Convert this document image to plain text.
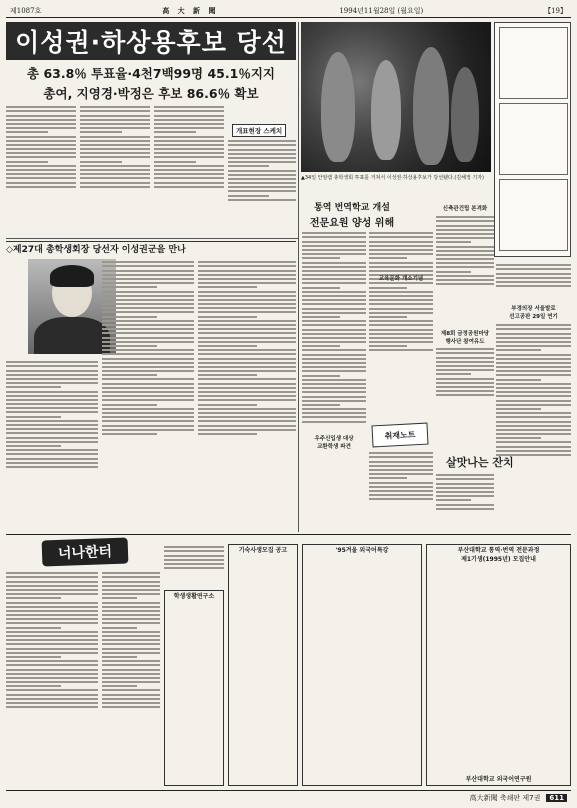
제1087호	高 大 新 聞	1994년11월28일 (월요일)	【19】
이성권·하상용후보 당선
총 63.8％ 투표율·4천7백99명 45.1％지지
총여, 지영경·박정은 후보 86.6％ 확보
개표현장 스케치
▲34일 안암캠 총학생회 투표를 거쳐서 이성권·하상용후보가 당선됐다.(김해정 기자)
◇제27대 총학생회장 당선자 이성권군을 만나
통역 번역학교 개설
전문요원 양성 위해
신축관건립 본격화
교육문화 개소기념
제8회 금정공원마당
행사단 참여유도
우주신입생 대상
교환학생 파견
부경의장 서울발로
선고공판 29일 연기
취재노트
살맛나는 잔치
너나한터	기숙사생모집 공고
학생생활연구소
'95겨울 외국어특강	부산대학교 통역·번역 전문과정
제1기생(1995년) 모집안내
부산대학교 외국어연구원
高大新聞 축쇄판 제7권	611
